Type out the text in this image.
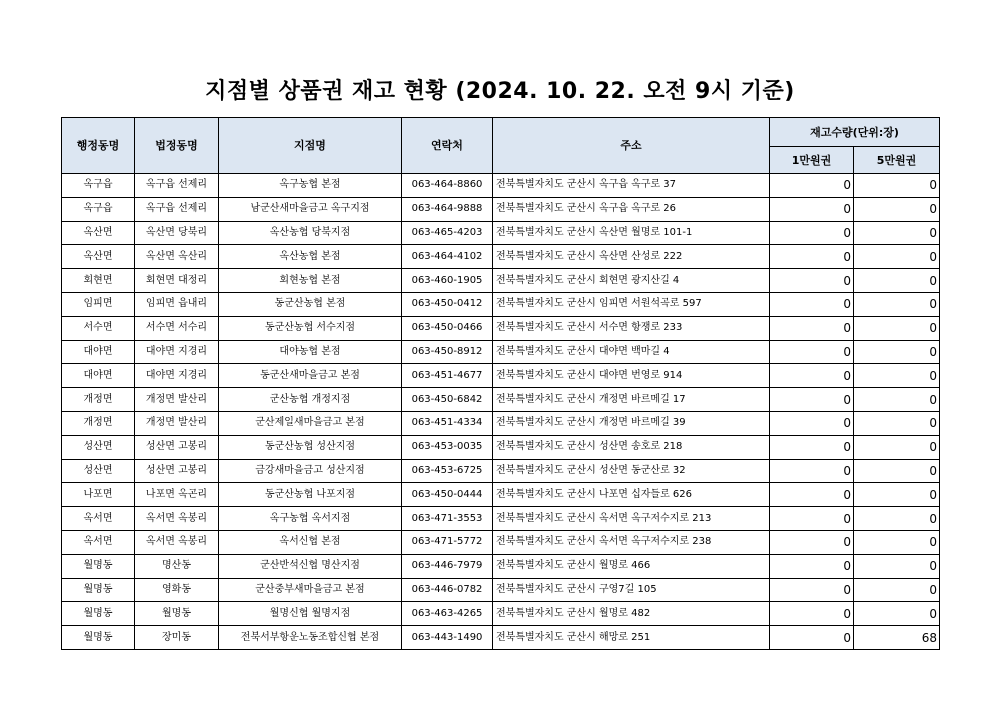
지점별 상품권 재고 현황 (2024. 10. 22. 오전 9시 기준)
행정동명	법정동명	지점명	연락처	주소	재고수량(단위:장)	
					1만원권	5만원권
옥구읍	옥구읍 선제리	옥구농협 본점	063-464-8860	전북특별자치도 군산시 옥구읍 옥구로 37	0	0
옥구읍	옥구읍 선제리	남군산새마을금고 옥구지점	063-464-9888	전북특별자치도 군산시 옥구읍 옥구로 26	0	0
옥산면	옥산면 당북리	옥산농협 당북지점	063-465-4203	전북특별자치도 군산시 옥산면 월명로 101-1	0	0
옥산면	옥산면 옥산리	옥산농협 본점	063-464-4102	전북특별자치도 군산시 옥산면 산성로 222	0	0
회현면	회현면 대정리	회현농협 본점	063-460-1905	전북특별자치도 군산시 회현면 광지산길 4	0	0
임피면	임피면 읍내리	동군산농협 본점	063-450-0412	전북특별자치도 군산시 임피면 서원석곡로 597	0	0
서수면	서수면 서수리	동군산농협 서수지점	063-450-0466	전북특별자치도 군산시 서수면 항쟁로 233	0	0
대야면	대야면 지경리	대야농협 본점	063-450-8912	전북특별자치도 군산시 대야면 백마길 4	0	0
대야면	대야면 지경리	동군산새마을금고 본점	063-451-4677	전북특별자치도 군산시 대야면 번영로 914	0	0
개정면	개정면 발산리	군산농협 개정지점	063-450-6842	전북특별자치도 군산시 개정면 바르메길 17	0	0
개정면	개정면 발산리	군산제일새마을금고 본점	063-451-4334	전북특별자치도 군산시 개정면 바르메길 39	0	0
성산면	성산면 고봉리	동군산농협 성산지점	063-453-0035	전북특별자치도 군산시 성산면 송호로 218	0	0
성산면	성산면 고봉리	금강새마을금고 성산지점	063-453-6725	전북특별자치도 군산시 성산면 동군산로 32	0	0
나포면	나포면 옥곤리	동군산농협 나포지점	063-450-0444	전북특별자치도 군산시 나포면 십자들로 626	0	0
옥서면	옥서면 옥봉리	옥구농협 옥서지점	063-471-3553	전북특별자치도 군산시 옥서면 옥구저수지로 213	0	0
옥서면	옥서면 옥봉리	옥서신협 본점	063-471-5772	전북특별자치도 군산시 옥서면 옥구저수지로 238	0	0
월명동	명산동	군산반석신협 명산지점	063-446-7979	전북특별자치도 군산시 월명로 466	0	0
월명동	영화동	군산중부새마을금고 본점	063-446-0782	전북특별자치도 군산시 구영7길 105	0	0
월명동	월명동	월명신협 월명지점	063-463-4265	전북특별자치도 군산시 월명로 482	0	0
월명동	장미동	전북서부항운노동조합신협 본점	063-443-1490	전북특별자치도 군산시 해망로 251	0	68
